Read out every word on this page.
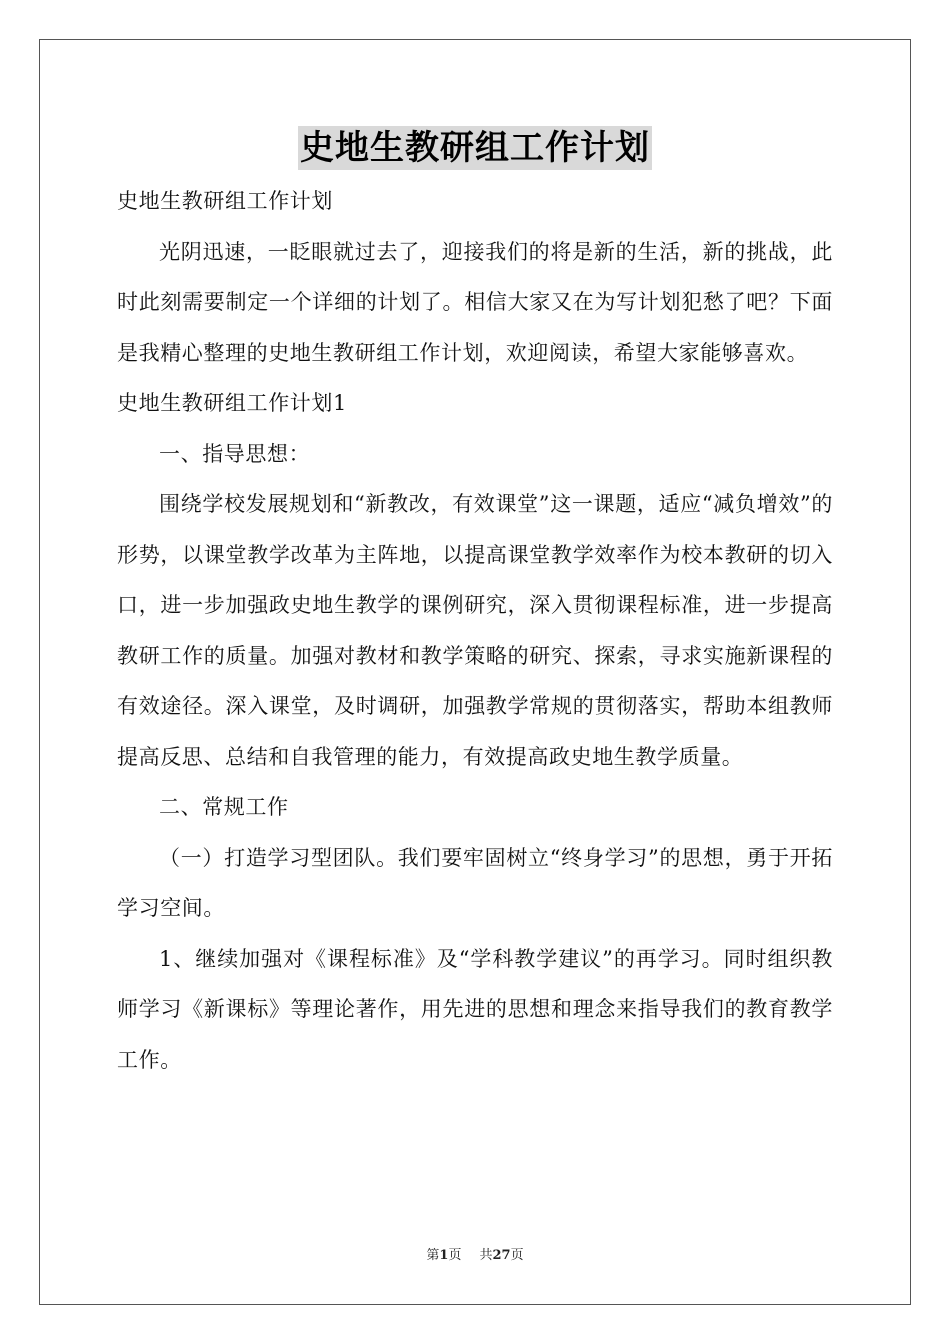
史地生教研组工作计划

史地生教研组工作计划

光阴迅速，一眨眼就过去了，迎接我们的将是新的生活，新的挑战，此时此刻需要制定一个详细的计划了。相信大家又在为写计划犯愁了吧？下面是我精心整理的史地生教研组工作计划，欢迎阅读，希望大家能够喜欢。

史地生教研组工作计划1

一、指导思想：

围绕学校发展规划和“新教改，有效课堂”这一课题，适应“减负增效”的形势，以课堂教学改革为主阵地，以提高课堂教学效率作为校本教研的切入口，进一步加强政史地生教学的课例研究，深入贯彻课程标准，进一步提高教研工作的质量。加强对教材和教学策略的研究、探索，寻求实施新课程的有效途径。深入课堂，及时调研，加强教学常规的贯彻落实，帮助本组教师提高反思、总结和自我管理的能力，有效提高政史地生教学质量。

二、常规工作

（一）打造学习型团队。我们要牢固树立“终身学习”的思想，勇于开拓学习空间。

1、继续加强对《课程标准》及“学科教学建议”的再学习。同时组织教师学习《新课标》等理论著作，用先进的思想和理念来指导我们的教育教学工作。

第1页 共27页
